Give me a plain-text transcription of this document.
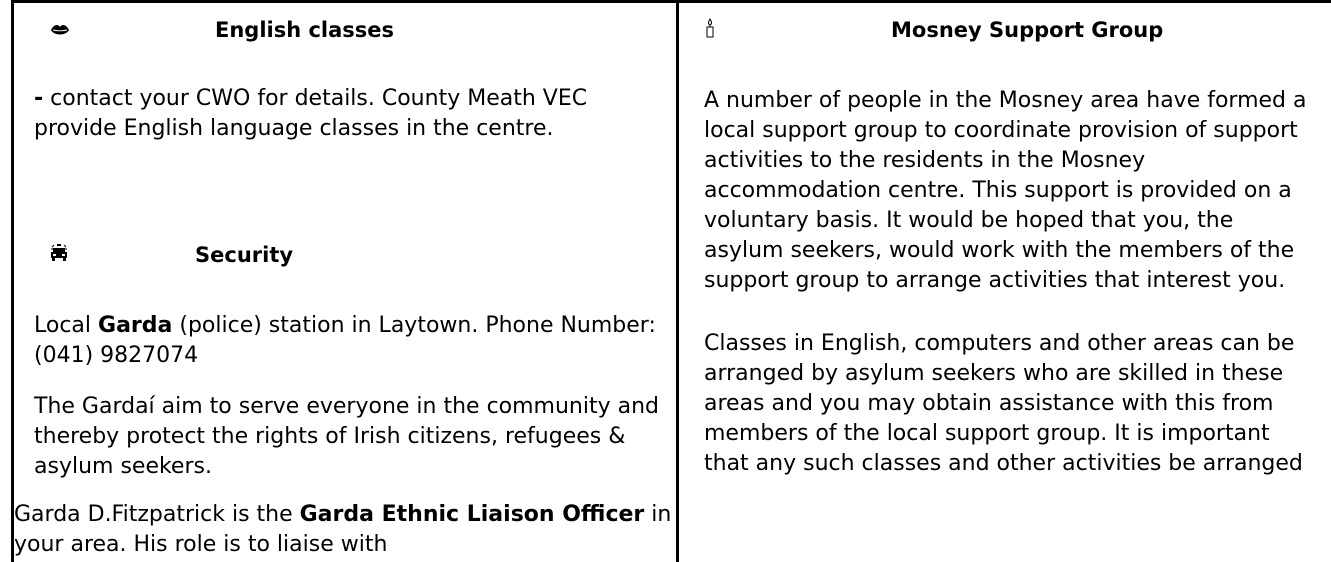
English classes
- contact your CWO for details. County Meath VEC provide English language classes in the centre.
Security
Local Garda (police) station in Laytown. Phone Number: (041) 9827074
The Gardaí aim to serve everyone in the community and thereby protect the rights of Irish citizens, refugees & asylum seekers.
Garda D.Fitzpatrick is the Garda Ethnic Liaison Officer in your area. His role is to liaise with
Mosney Support Group
A number of people in the Mosney area have formed a local support group to coordinate provision of support activities to the residents in the Mosney accommodation centre. This support is provided on a voluntary basis. It would be hoped that you, the asylum seekers, would work with the members of the support group to arrange activities that interest you.
Classes in English, computers and other areas can be arranged by asylum seekers who are skilled in these areas and you may obtain assistance with this from members of the local support group. It is important that any such classes and other activities be arranged
